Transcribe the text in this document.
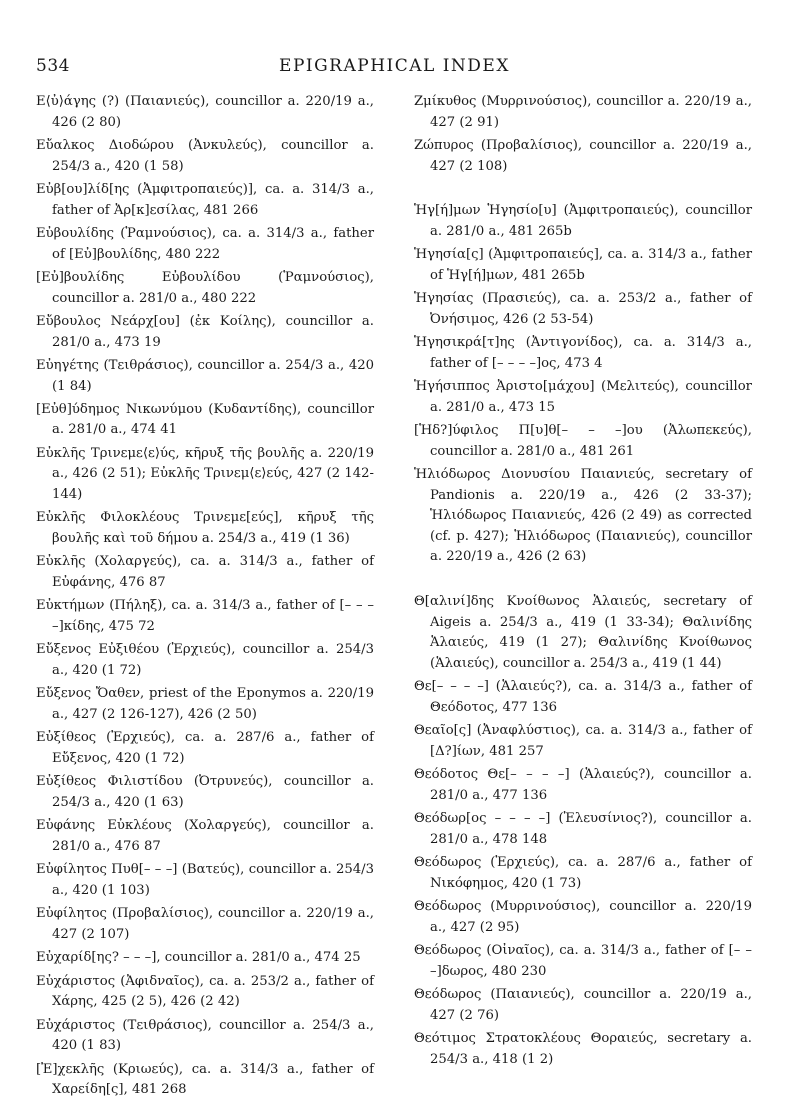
534	EPIGRAPHICAL INDEX

Ε⟨ὐ⟩άγης (?) (Παιανιεύς), councillor a. 220/19 a., 426 (2 80)

Εὔαλκος Διοδώρου (Ἀνκυλεύς), councillor a. 254/3 a., 420 (1 58)

Εὐβ[ου]λίδ[ης (Ἀμφιτροπαιεύς)], ca. a. 314/3 a., father of Ἀρ[κ]εσίλας, 481 266

Εὐβουλίδης (Ῥαμνούσιος), ca. a. 314/3 a., father of [Εὐ]βουλίδης, 480 222

[Εὐ]βουλίδης Εὐβουλίδου (Ῥαμνούσιος), councillor a. 281/0 a., 480 222

Εὔβουλος Νεάρχ[ου] (ἐκ Κοίλης), councillor a. 281/0 a., 473 19

Εὐηγέτης (Τειθράσιος), councillor a. 254/3 a., 420 (1 84)

[Εὐθ]ύδημος Νικωνύμου (Κυδαντίδης), councillor a. 281/0 a., 474 41

Εὐκλῆς Τρινεμε⟨ε⟩ύς, κῆρυξ τῆς βουλῆς a. 220/19 a., 426 (2 51); Εὐκλῆς Τρινεμ⟨ε⟩εύς, 427 (2 142-144)

Εὐκλῆς Φιλοκλέους Τρινεμε[εύς], κῆρυξ τῆς βουλῆς καὶ τοῦ δήμου a. 254/3 a., 419 (1 36)

Εὐκλῆς (Χολαργεύς), ca. a. 314/3 a., father of Εὐφάνης, 476 87

Εὐκτήμων (Πήληξ), ca. a. 314/3 a., father of [– – – –]κίδης, 475 72

Εὔξενος Εὐξιθέου (Ἐρχιεύς), councillor a. 254/3 a., 420 (1 72)

Εὔξενος Ὄαθεν, priest of the Eponymos a. 220/19 a., 427 (2 126-127), 426 (2 50)

Εὐξίθεος (Ἐρχιεύς), ca. a. 287/6 a., father of Εὔξενος, 420 (1 72)

Εὐξίθεος Φιλιστίδου (Ὀτρυνεύς), councillor a. 254/3 a., 420 (1 63)

Εὐφάνης Εὐκλέους (Χολαργεύς), councillor a. 281/0 a., 476 87

Εὐφίλητος Πυθ[– – –] (Βατεύς), councillor a. 254/3 a., 420 (1 103)

Εὐφίλητος (Προβαλίσιος), councillor a. 220/19 a., 427 (2 107)

Εὐχαρίδ[ης? – – –], councillor a. 281/0 a., 474 25

Εὐχάριστος (Ἀφιδναῖος), ca. a. 253/2 a., father of Χάρης, 425 (2 5), 426 (2 42)

Εὐχάριστος (Τειθράσιος), councillor a. 254/3 a., 420 (1 83)

[Ἐ]χεκλῆς (Κριωεύς), ca. a. 314/3 a., father of Χαρείδη[ς], 481 268

Ζμίκυθος (Μυρρινούσιος), councillor a. 220/19 a., 427 (2 91)

Ζώπυρος (Προβαλίσιος), councillor a. 220/19 a., 427 (2 108)

Ἡγ[ή]μων Ἡγησίο[υ] (Ἀμφιτροπαιεύς), councillor a. 281/0 a., 481 265b

Ἡγησία[ς] (Ἀμφιτροπαιεύς], ca. a. 314/3 a., father of Ἡγ[ή]μων, 481 265b

Ἡγησίας (Πρασιεύς), ca. a. 253/2 a., father of Ὀνήσιμος, 426 (2 53-54)

Ἡγησικρά[τ]ης (Ἀντιγονίδος), ca. a. 314/3 a., father of [– – – –]ος, 473 4

Ἡγήσιππος Ἀριστο[μάχου] (Μελιτεύς), councillor a. 281/0 a., 473 15

[Ἡδ?]ύφιλος Π[υ]θ[– – –]ου (Ἀλωπεκεύς), councillor a. 281/0 a., 481 261

Ἡλιόδωρος Διονυσίου Παιανιεύς, secretary of Pandionis a. 220/19 a., 426 (2 33-37); Ἡλιόδωρος Παιανιεύς, 426 (2 49) as corrected (cf. p. 427); Ἡλιόδωρος (Παιανιεύς), councillor a. 220/19 a., 426 (2 63)

Θ[αλινί]δης Κνοίθωνος Ἁλαιεύς, secretary of Aigeis a. 254/3 a., 419 (1 33-34); Θαλινίδης Ἁλαιεύς, 419 (1 27); Θαλινίδης Κνοίθωνος (Ἁλαιεύς), councillor a. 254/3 a., 419 (1 44)

Θε[– – – –] (Ἁλαιεύς?), ca. a. 314/3 a., father of Θεόδοτος, 477 136

Θεαῖο[ς] (Ἀναφλύστιος), ca. a. 314/3 a., father of [Δ?]ίων, 481 257

Θεόδοτος Θε[– – – –] (Ἁλαιεύς?), councillor a. 281/0 a., 477 136

Θεόδωρ[ος – – – –] (Ἐλευσίνιος?), councillor a. 281/0 a., 478 148

Θεόδωρος (Ἐρχιεύς), ca. a. 287/6 a., father of Νικόφημος, 420 (1 73)

Θεόδωρος (Μυρρινούσιος), councillor a. 220/19 a., 427 (2 95)

Θεόδωρος (Οἰναῖος), ca. a. 314/3 a., father of [– – –]δωρος, 480 230

Θεόδωρος (Παιανιεύς), councillor a. 220/19 a., 427 (2 76)

Θεότιμος Στρατοκλέους Θοραιεύς, secretary a. 254/3 a., 418 (1 2)
